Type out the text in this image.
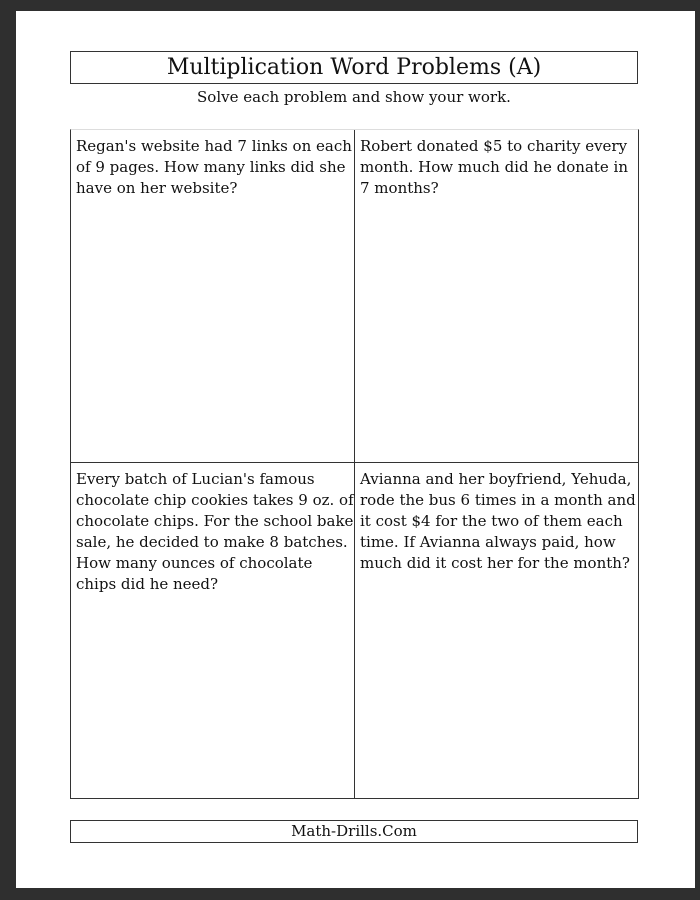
Multiplication Word Problems (A)
Solve each problem and show your work.
Regan's website had 7 links on each
of 9 pages. How many links did she
have on her website?
Robert donated $5 to charity every
month. How much did he donate in
7 months?
Every batch of Lucian's famous
chocolate chip cookies takes 9 oz. of
chocolate chips. For the school bake
sale, he decided to make 8 batches.
How many ounces of chocolate
chips did he need?
Avianna and her boyfriend, Yehuda,
rode the bus 6 times in a month and
it cost $4 for the two of them each
time. If Avianna always paid, how
much did it cost her for the month?
Math-Drills.Com
